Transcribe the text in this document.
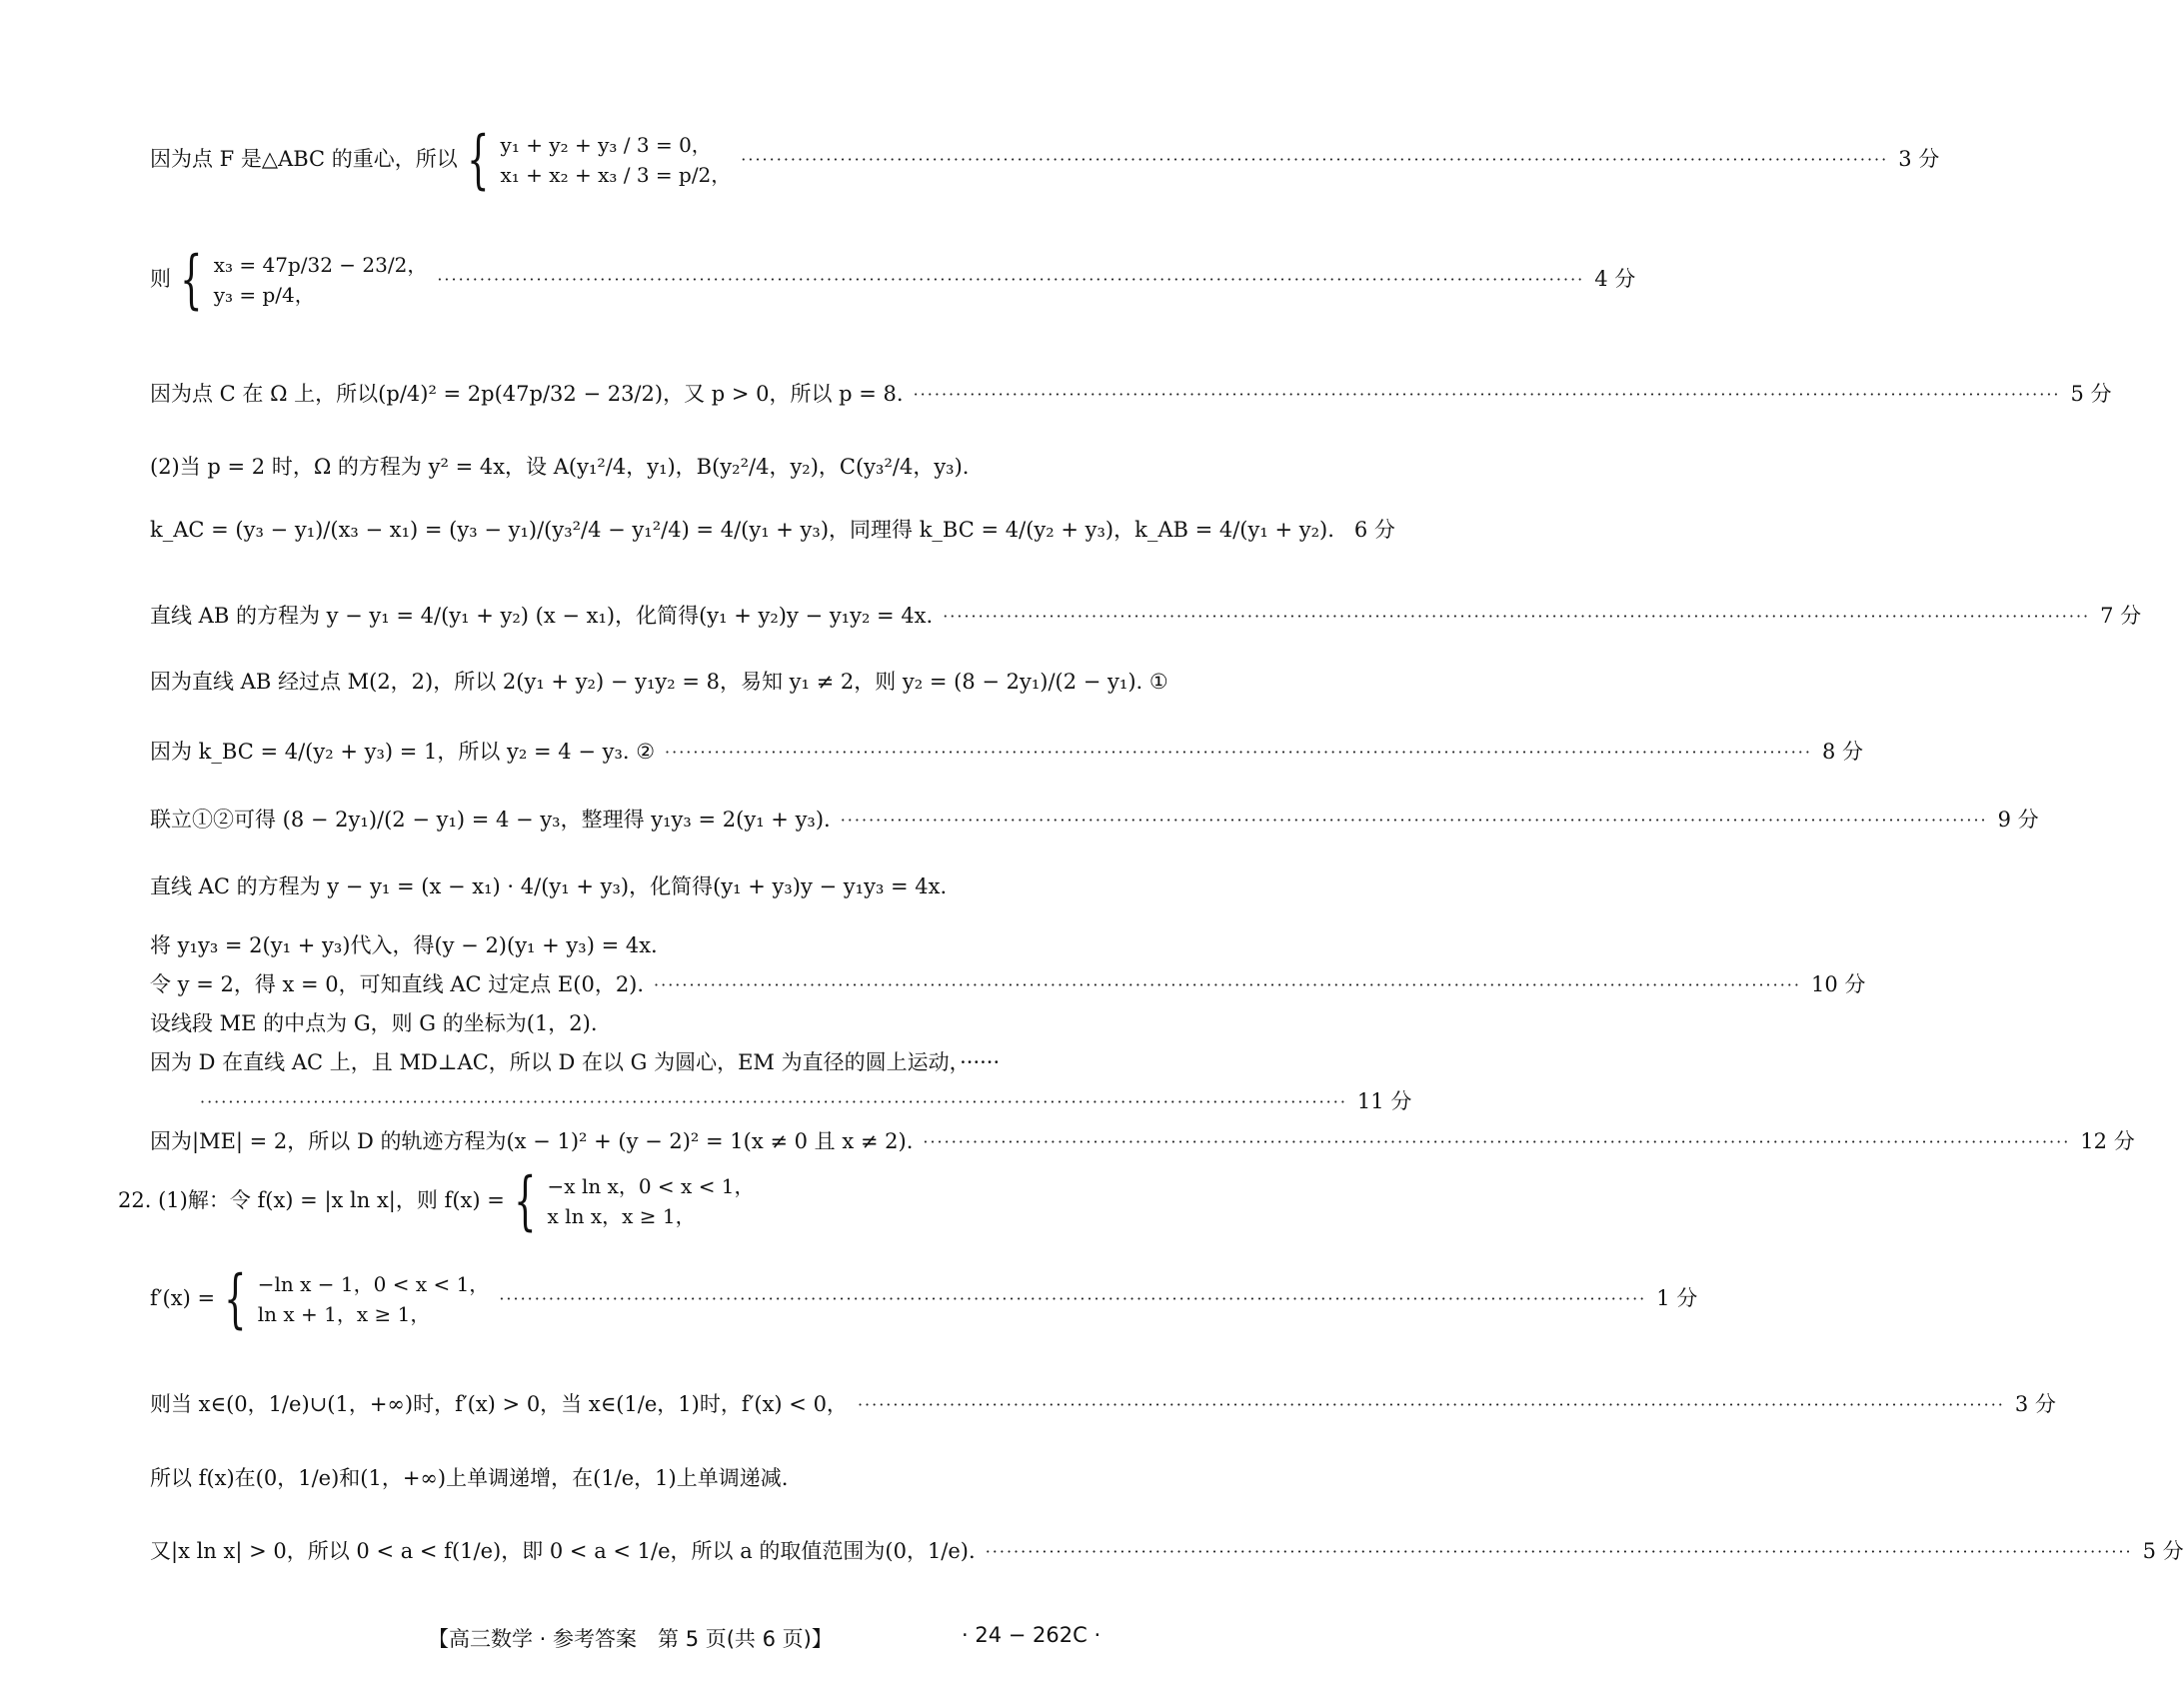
因为点 F 是△ABC 的重心，所以 { y₁ + y₂ + y₃ / 3 = 0，
x₁ + x₂ + x₃ / 3 = p/2，
·····
3 分
则 { x₃ = 47p/32 − 23/2，
y₃ = p/4，
·····
4 分
因为点 C 在 Ω 上，所以(p/4)² = 2p(47p/32 − 23/2)，又 p > 0，所以 p = 8. ·····	5 分
(2)当 p = 2 时，Ω 的方程为 y² = 4x，设 A(y₁²/4，y₁)，B(y₂²/4，y₂)，C(y₃²/4，y₃).
k_AC = (y₃ − y₁)/(x₃ − x₁) = (y₃ − y₁)/(y₃²/4 − y₁²/4) = 4/(y₁ + y₃)，同理得 k_BC = 4/(y₂ + y₃)，k_AB = 4/(y₁ + y₂). 6 分
直线 AB 的方程为 y − y₁ = 4/(y₁ + y₂) (x − x₁)，化简得(y₁ + y₂)y − y₁y₂ = 4x. ·····	7 分
因为直线 AB 经过点 M(2，2)，所以 2(y₁ + y₂) − y₁y₂ = 8，易知 y₁ ≠ 2，则 y₂ = (8 − 2y₁)/(2 − y₁). ①
因为 k_BC = 4/(y₂ + y₃) = 1，所以 y₂ = 4 − y₃. ② ·····	8 分
联立①②可得 (8 − 2y₁)/(2 − y₁) = 4 − y₃，整理得 y₁y₃ = 2(y₁ + y₃). ·····	9 分
直线 AC 的方程为 y − y₁ = (x − x₁) · 4/(y₁ + y₃)，化简得(y₁ + y₃)y − y₁y₃ = 4x.
将 y₁y₃ = 2(y₁ + y₃)代入，得(y − 2)(y₁ + y₃) = 4x.
令 y = 2，得 x = 0，可知直线 AC 过定点 E(0，2). ·····	10 分
设线段 ME 的中点为 G，则 G 的坐标为(1，2).
因为 D 在直线 AC 上，且 MD⊥AC，所以 D 在以 G 为圆心，EM 为直径的圆上运动，······
·····
11 分
因为|ME| = 2，所以 D 的轨迹方程为(x − 1)² + (y − 2)² = 1(x ≠ 0 且 x ≠ 2). ·····	12 分
22. (1)解：令 f(x) = |x ln x|，则 f(x) = { −x ln x，0 < x < 1，
x ln x，x ≥ 1，
f′(x) = { −ln x − 1，0 < x < 1，
ln x + 1，x ≥ 1，
·····
1 分
则当 x∈(0，1/e)∪(1，+∞)时，f′(x) > 0，当 x∈(1/e，1)时，f′(x) < 0， ·····	3 分
所以 f(x)在(0，1/e)和(1，+∞)上单调递增，在(1/e，1)上单调递减.
又|x ln x| > 0，所以 0 < a < f(1/e)，即 0 < a < 1/e，所以 a 的取值范围为(0，1/e). ·····	5 分
【高三数学 · 参考答案　第 5 页(共 6 页)】	· 24 − 262C ·
